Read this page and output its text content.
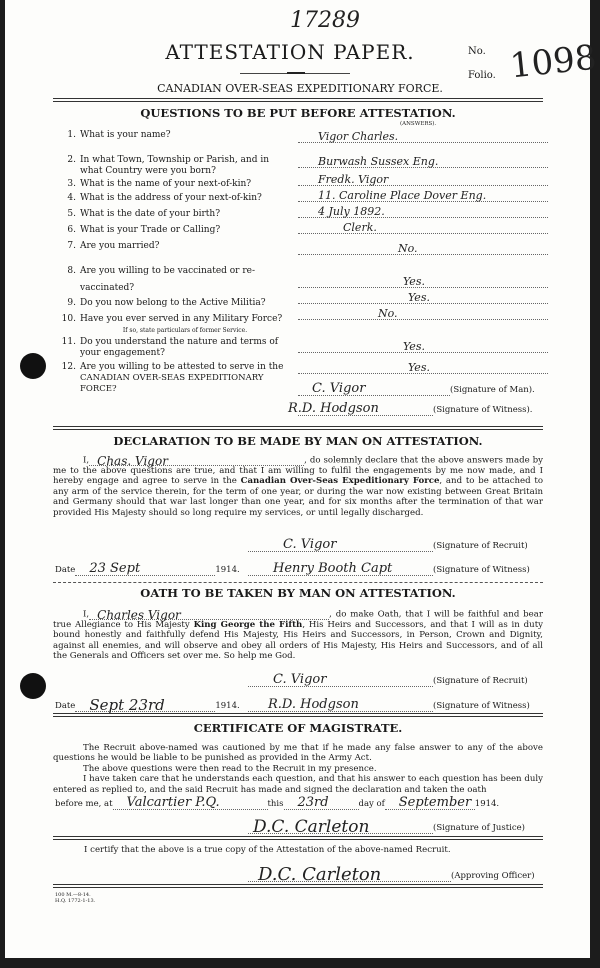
17289
ATTESTATION PAPER.	No.
Folio. 1098
CANADIAN OVER-SEAS EXPEDITIONARY FORCE.
QUESTIONS TO BE PUT BEFORE ATTESTATION.
(ANSWERS).
1. What is your name?	Vigor Charles.
2. In what Town, Township or Parish, and in
what Country were you born?
Burwash Sussex Eng.
3. What is the name of your next-of-kin?	Fredk. Vigor
4. What is the address of your next-of-kin?	11. Caroline Place Dover Eng.
5. What is the date of your birth?	4 July 1892.
6. What is your Trade or Calling?	Clerk.
7. Are you married?	No.
8. Are you willing to be vaccinated or re-
vaccinated?	Yes.
9. Do you now belong to the Active Militia?	Yes.
10. Have you ever served in any Military Force?
If so, state particulars of former Service.
No.
11. Do you understand the nature and terms of
your engagement?	Yes.
12. Are you willing to be attested to serve in the
CANADIAN OVER-SEAS EXPEDITIONARY FORCE?
Yes.
C. Vigor	(Signature of Man).
R.D. Hodgson	(Signature of Witness).
DECLARATION TO BE MADE BY MAN ON ATTESTATION.
I, Chas. Vigor	, do solemnly declare that the above answers made by me to the above questions are true, and that I am willing to fulfil the engagements by me now made, and I hereby engage and agree to serve in the Canadian Over-Seas Expeditionary Force, and to be attached to any arm of the service therein, for the term of one year, or during the war now existing between Great Britain and Germany should that war last longer than one year, and for six months after the termination of that war provided His Majesty should so long require my services, or until legally discharged.
C. Vigor	(Signature of Recruit)
Date 23 Sept	1914.	Henry Booth Capt	(Signature of Witness)
OATH TO BE TAKEN BY MAN ON ATTESTATION.
I, Charles Vigor	, do make Oath, that I will be faithful and bear true Allegiance to His Majesty King George the Fifth, His Heirs and Successors, and that I will as in duty bound honestly and faithfully defend His Majesty, His Heirs and Successors, in Person, Crown and Dignity, against all enemies, and will observe and obey all orders of His Majesty, His Heirs and Successors, and of all the Generals and Officers set over me. So help me God.
C. Vigor	(Signature of Recruit)
Date Sept 23rd	1914. R.D. Hodgson	(Signature of Witness)
CERTIFICATE OF MAGISTRATE.
The Recruit above-named was cautioned by me that if he made any false answer to any of the above questions he would be liable to be punished as provided in the Army Act.
The above questions were then read to the Recruit in my presence.
I have taken care that he understands each question, and that his answer to each question has been duly entered as replied to, and the said Recruit has made and signed the declaration and taken the oath
before me, at Valcartier P.Q.	this 23rd	day of September 1914.
D.C. Carleton	(Signature of Justice)
I certify that the above is a true copy of the Attestation of the above-named Recruit.
D.C. Carleton	(Approving Officer)
100 M.—8-14.
H.Q. 1772-1-13.
